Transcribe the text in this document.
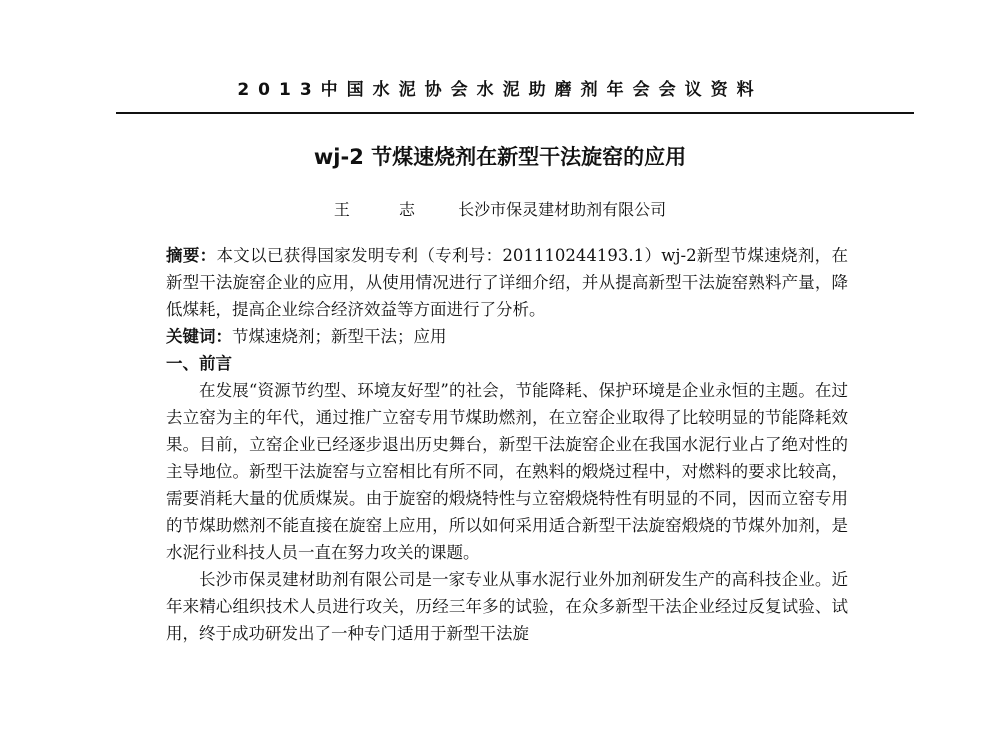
2013中国水泥协会水泥助磨剂年会会议资料
wj-2 节煤速烧剂在新型干法旋窑的应用
王 志 长沙市保灵建材助剂有限公司

摘要：本文以已获得国家发明专利（专利号：201110244193.1）wj-2新型节煤速烧剂，在新型干法旋窑企业的应用，从使用情况进行了详细介绍，并从提高新型干法旋窑熟料产量，降低煤耗，提高企业综合经济效益等方面进行了分析。

关键词：节煤速烧剂；新型干法；应用

一、前言

在发展“资源节约型、环境友好型”的社会，节能降耗、保护环境是企业永恒的主题。在过去立窑为主的年代，通过推广立窑专用节煤助燃剂，在立窑企业取得了比较明显的节能降耗效果。目前，立窑企业已经逐步退出历史舞台，新型干法旋窑企业在我国水泥行业占了绝对性的主导地位。新型干法旋窑与立窑相比有所不同，在熟料的煅烧过程中，对燃料的要求比较高，需要消耗大量的优质煤炭。由于旋窑的煅烧特性与立窑煅烧特性有明显的不同，因而立窑专用的节煤助燃剂不能直接在旋窑上应用，所以如何采用适合新型干法旋窑煅烧的节煤外加剂，是水泥行业科技人员一直在努力攻关的课题。

长沙市保灵建材助剂有限公司是一家专业从事水泥行业外加剂研发生产的高科技企业。近年来精心组织技术人员进行攻关，历经三年多的试验，在众多新型干法企业经过反复试验、试用，终于成功研发出了一种专门适用于新型干法旋
